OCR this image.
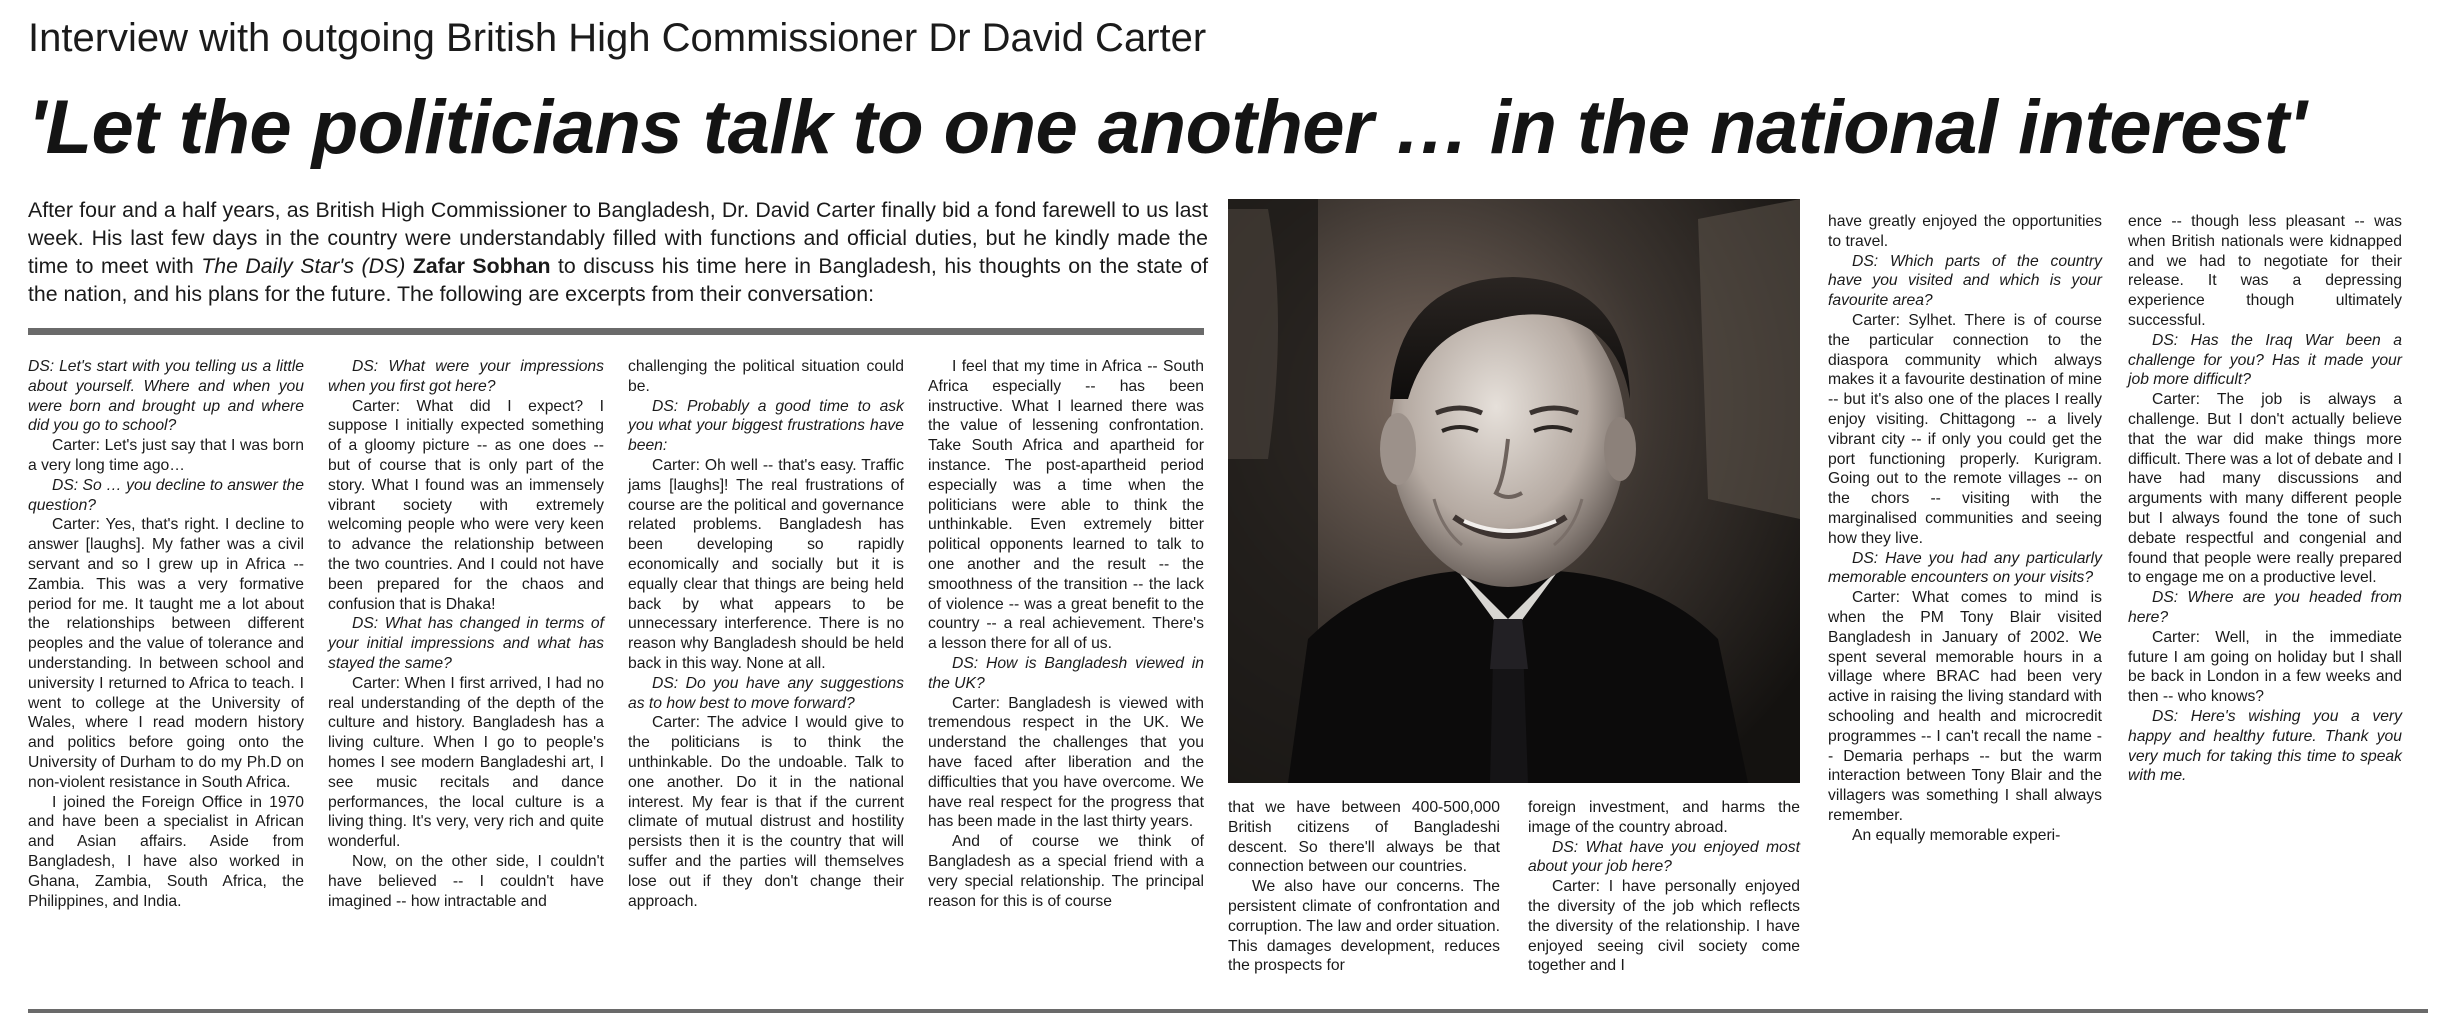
Interview with outgoing British High Commissioner Dr David Carter
'Let the politicians talk to one another … in the national interest'
After four and a half years, as British High Commissioner to Bangladesh, Dr. David Carter finally bid a fond farewell to us last week. His last few days in the country were understandably filled with functions and official duties, but he kindly made the time to meet with The Daily Star's (DS) Zafar Sobhan to discuss his time here in Bangladesh, his thoughts on the state of the nation, and his plans for the future. The following are excerpts from their conversation:

DS: Let's start with you telling us a little about yourself. Where and when you were born and brought up and where did you go to school?

Carter: Let's just say that I was born a very long time ago…

DS: So … you decline to answer the question?

Carter: Yes, that's right. I decline to answer [laughs]. My father was a civil servant and so I grew up in Africa -- Zambia. This was a very formative period for me. It taught me a lot about the relationships between different peoples and the value of tolerance and understanding. In between school and university I returned to Africa to teach. I went to college at the University of Wales, where I read modern history and politics before going onto the University of Durham to do my Ph.D on non-violent resistance in South Africa.

I joined the Foreign Office in 1970 and have been a specialist in African and Asian affairs. Aside from Bangladesh, I have also worked in Ghana, Zambia, South Africa, the Philippines, and India.

DS: What were your impressions when you first got here?

Carter: What did I expect? I suppose I initially expected something of a gloomy picture -- as one does -- but of course that is only part of the story. What I found was an immensely vibrant society with extremely welcoming people who were very keen to advance the relationship between the two countries. And I could not have been prepared for the chaos and confusion that is Dhaka!

DS: What has changed in terms of your initial impressions and what has stayed the same?

Carter: When I first arrived, I had no real understanding of the depth of the culture and history. Bangladesh has a living culture. When I go to people's homes I see modern Bangladeshi art, I see music recitals and dance performances, the local culture is a living thing. It's very, very rich and quite wonderful.

Now, on the other side, I couldn't have believed -- I couldn't have imagined -- how intractable and

challenging the political situation could be.

DS: Probably a good time to ask you what your biggest frustrations have been:

Carter: Oh well -- that's easy. Traffic jams [laughs]! The real frustrations of course are the political and governance related problems. Bangladesh has been developing so rapidly economically and socially but it is equally clear that things are being held back by what appears to be unnecessary interference. There is no reason why Bangladesh should be held back in this way. None at all.

DS: Do you have any suggestions as to how best to move forward?

Carter: The advice I would give to the politicians is to think the unthinkable. Do the undoable. Talk to one another. Do it in the national interest. My fear is that if the current climate of mutual distrust and hostility persists then it is the country that will suffer and the parties will themselves lose out if they don't change their approach.

I feel that my time in Africa -- South Africa especially -- has been instructive. What I learned there was the value of lessening confrontation. Take South Africa and apartheid for instance. The post-apartheid period especially was a time when the politicians were able to think the unthinkable. Even extremely bitter political opponents learned to talk to one another and the result -- the smoothness of the transition -- the lack of violence -- was a great benefit to the country -- a real achievement. There's a lesson there for all of us.

DS: How is Bangladesh viewed in the UK?

Carter: Bangladesh is viewed with tremendous respect in the UK. We understand the challenges that you have faced after liberation and the difficulties that you have overcome. We have real respect for the progress that has been made in the last thirty years.

And of course we think of Bangladesh as a special friend with a very special relationship. The principal reason for this is of course

that we have between 400-500,000 British citizens of Bangladeshi descent. So there'll always be that connection between our countries.

We also have our concerns. The persistent climate of confrontation and corruption. The law and order situation. This damages development, reduces the prospects for

foreign investment, and harms the image of the country abroad.

DS: What have you enjoyed most about your job here?

Carter: I have personally enjoyed the diversity of the job which reflects the diversity of the relationship. I have enjoyed seeing civil society come together and I

have greatly enjoyed the opportunities to travel.

DS: Which parts of the country have you visited and which is your favourite area?

Carter: Sylhet. There is of course the particular connection to the diaspora community which always makes it a favourite destination of mine -- but it's also one of the places I really enjoy visiting. Chittagong -- a lively vibrant city -- if only you could get the port functioning properly. Kurigram. Going out to the remote villages -- on the chors -- visiting with the marginalised communities and seeing how they live.

DS: Have you had any particularly memorable encounters on your visits?

Carter: What comes to mind is when the PM Tony Blair visited Bangladesh in January of 2002. We spent several memorable hours in a village where BRAC had been very active in raising the living standard with schooling and health and microcredit programmes -- I can't recall the name -- Demaria perhaps -- but the warm interaction between Tony Blair and the villagers was something I shall always remember.

An equally memorable experi-

ence -- though less pleasant -- was when British nationals were kidnapped and we had to negotiate for their release. It was a depressing experience though ultimately successful.

DS: Has the Iraq War been a challenge for you? Has it made your job more difficult?

Carter: The job is always a challenge. But I don't actually believe that the war did make things more difficult. There was a lot of debate and I have had many discussions and arguments with many different people but I always found the tone of such debate respectful and congenial and found that people were really prepared to engage me on a productive level.

DS: Where are you headed from here?

Carter: Well, in the immediate future I am going on holiday but I shall be back in London in a few weeks and then -- who knows?

DS: Here's wishing you a very happy and healthy future. Thank you very much for taking this time to speak with me.
